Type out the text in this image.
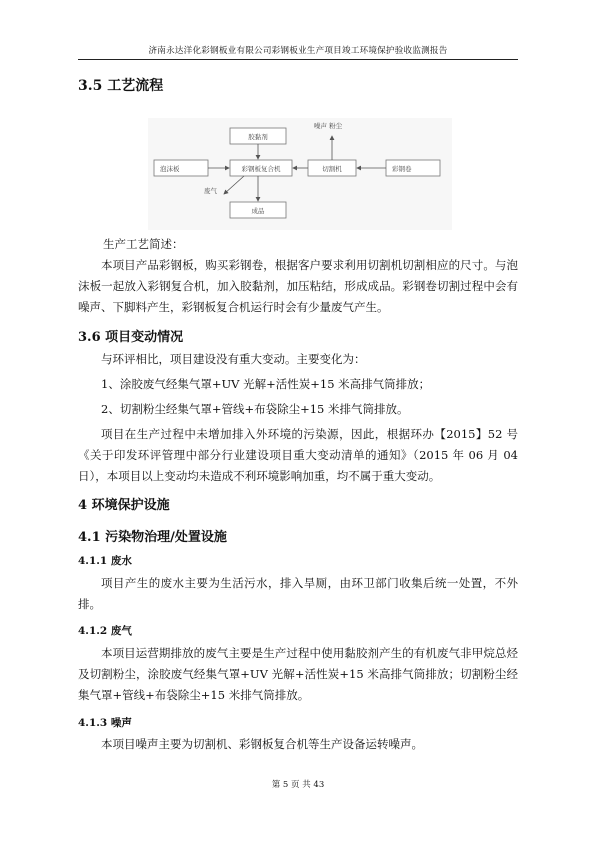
济南永达洋化彩钢板业有限公司彩钢板业生产项目竣工环境保护验收监测报告
3.5 工艺流程
胶黏剂
泡沫板	彩钢板复合机	切割机	彩钢卷
成品
噪声 粉尘
废气
生产工艺简述：
本项目产品彩钢板，购买彩钢卷，根据客户要求利用切割机切割相应的尺寸。与泡沫板一起放入彩钢复合机，加入胶黏剂，加压粘结，形成成品。彩钢卷切割过程中会有噪声、下脚料产生，彩钢板复合机运行时会有少量废气产生。
3.6 项目变动情况
与环评相比，项目建设没有重大变动。主要变化为：
1、涂胶废气经集气罩+UV 光解+活性炭+15 米高排气筒排放；
2、切割粉尘经集气罩+管线+布袋除尘+15 米排气筒排放。
项目在生产过程中未增加排入外环境的污染源，因此，根据环办【2015】52 号《关于印发环评管理中部分行业建设项目重大变动清单的通知》（2015 年 06 月 04 日），本项目以上变动均未造成不利环境影响加重，均不属于重大变动。
4 环境保护设施
4.1 污染物治理/处置设施
4.1.1 废水
项目产生的废水主要为生活污水，排入旱厕，由环卫部门收集后统一处置，不外排。
4.1.2 废气
本项目运营期排放的废气主要是生产过程中使用黏胶剂产生的有机废气非甲烷总烃及切割粉尘，涂胶废气经集气罩+UV 光解+活性炭+15 米高排气筒排放；切割粉尘经集气罩+管线+布袋除尘+15 米排气筒排放。
4.1.3 噪声
本项目噪声主要为切割机、彩钢板复合机等生产设备运转噪声。
第 5 页 共 43
